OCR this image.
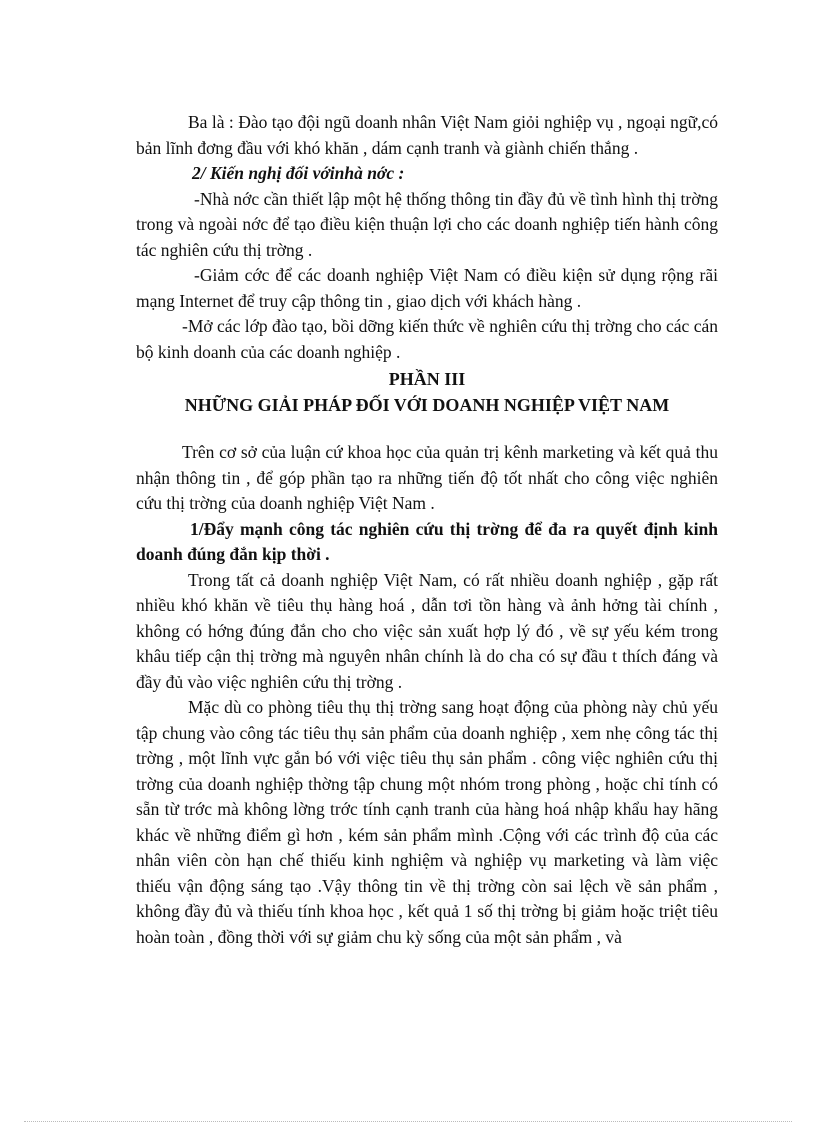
Ba là : Đào tạo đội ngũ doanh nhân Việt Nam giỏi nghiệp vụ , ngoại ngữ,có bản lĩnh đơng đầu với khó khăn , dám cạnh tranh và giành chiến thắng .

2/ Kiến nghị đối vớinhà nớc :

-Nhà nớc cần thiết lập một hệ thống thông tin đầy đủ về tình hình thị trờng trong và ngoài nớc để tạo điều kiện thuận lợi cho các doanh nghiệp tiến hành công tác nghiên cứu thị trờng .

-Giảm cớc để các doanh nghiệp Việt Nam có điều kiện sử dụng rộng rãi mạng Internet để truy cập thông tin , giao dịch với khách hàng .

-Mở các lớp đào tạo, bồi dỡng kiến thức về nghiên cứu thị trờng cho các cán bộ kinh doanh của các doanh nghiệp .

PHẦN III

NHỮNG GIẢI PHÁP ĐỐI VỚI DOANH NGHIỆP VIỆT NAM

Trên cơ sở của luận cứ khoa học của quản trị kênh marketing và kết quả thu nhận thông tin , để góp phần tạo ra những tiến độ tốt nhất cho công việc nghiên cứu thị trờng của doanh nghiệp Việt Nam .

1/Đẩy mạnh công tác nghiên cứu thị trờng để đa ra quyết định kinh doanh đúng đắn kịp thời .

Trong tất cả doanh nghiệp Việt Nam, có rất nhiều doanh nghiệp , gặp rất nhiều khó khăn về tiêu thụ hàng hoá , dẫn tơi tồn hàng và ảnh hởng tài chính , không có hớng đúng đắn cho cho việc sản xuất hợp lý đó , về sự yếu kém trong khâu tiếp cận thị trờng mà nguyên nhân chính là do cha có sự đầu t thích đáng và đầy đủ vào việc nghiên cứu thị trờng .

Mặc dù co phòng tiêu thụ thị trờng sang hoạt động của phòng này chủ yếu tập chung vào công tác tiêu thụ sản phẩm của doanh nghiệp , xem nhẹ công tác thị trờng , một lĩnh vực gắn bó với việc tiêu thụ sản phẩm . công việc nghiên cứu thị trờng của doanh nghiệp thờng tập chung một nhóm trong phòng , hoặc chỉ tính có sẵn từ trớc mà không lờng trớc tính cạnh tranh của hàng hoá nhập khẩu hay hãng khác về những điểm gì hơn , kém sản phẩm mình .Cộng với các trình độ của các nhân viên còn hạn chế thiếu kinh nghiệm và nghiệp vụ marketing và làm việc thiếu vận động sáng tạo .Vậy thông tin về thị trờng còn sai lệch về sản phẩm , không đầy đủ và thiếu tính khoa học , kết quả 1 số thị trờng bị giảm hoặc triệt tiêu hoàn toàn , đồng thời với sự giảm chu kỳ sống của một sản phẩm , và
